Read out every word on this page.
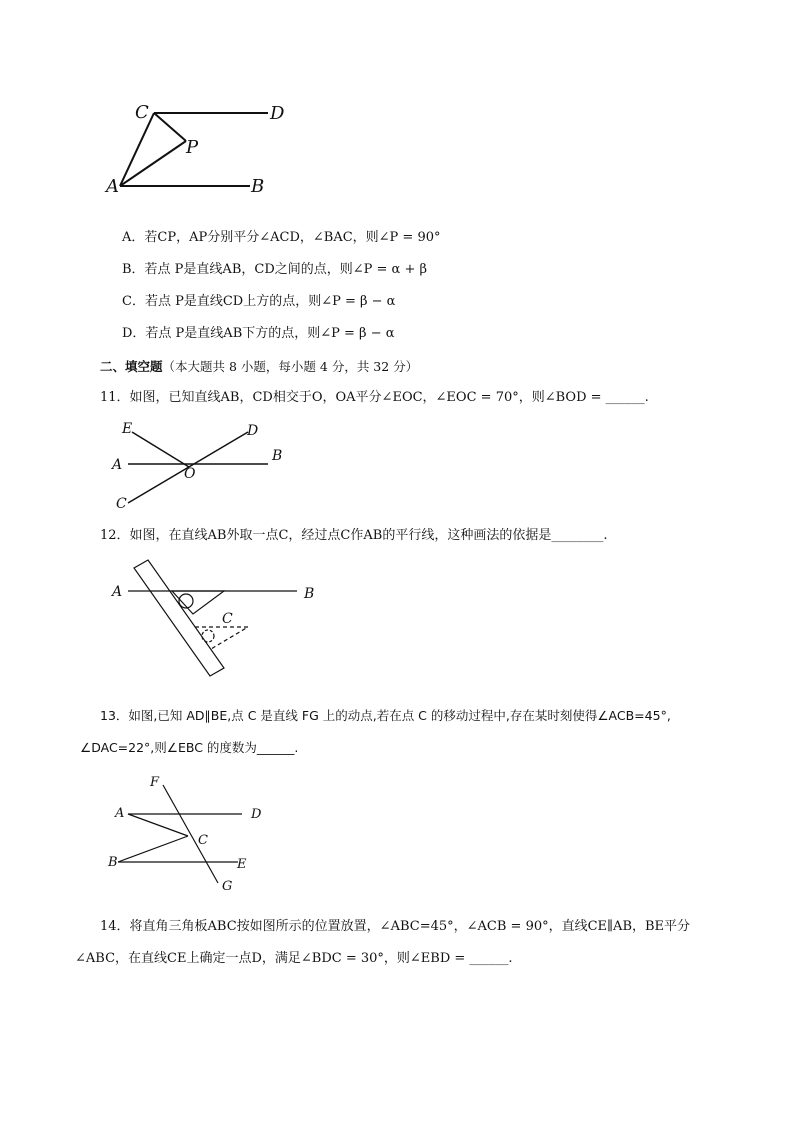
C	D
P
A	B
A．若CP，AP分别平分∠ACD，∠BAC，则∠P = 90°
B．若点 P是直线AB，CD之间的点，则∠P = α + β
C．若点 P是直线CD上方的点，则∠P = β − α
D．若点 P是直线AB下方的点，则∠P = β − α
二、填空题（本大题共 8 小题，每小题 4 分，共 32 分）
11．如图，已知直线AB，CD相交于O，OA平分∠EOC，∠EOC = 70°，则∠BOD = ______.
E	D
A
O
B
C
12．如图，在直线AB外取一点C，经过点C作AB的平行线，这种画法的依据是________.
A	B
C
13．如图,已知 AD∥BE,点 C 是直线 FG 上的动点,若在点 C 的移动过程中,存在某时刻使得∠ACB=45°,
∠DAC=22°,则∠EBC 的度数为______.
F
A	D
C
B	E
G
14．将直角三角板ABC按如图所示的位置放置，∠ABC=45°，∠ACB = 90°，直线CE∥AB，BE平分
∠ABC，在直线CE上确定一点D，满足∠BDC = 30°，则∠EBD = ______.
